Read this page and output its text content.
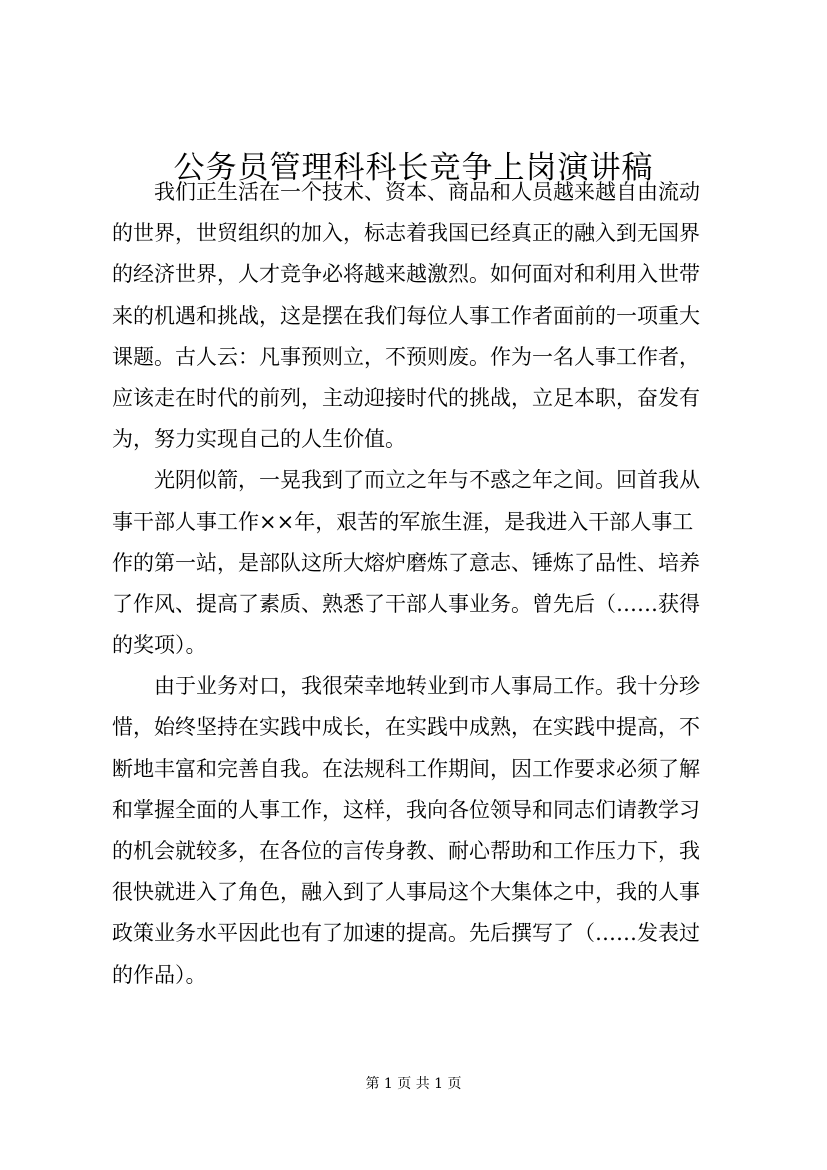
公务员管理科科长竞争上岗演讲稿
我们正生活在一个技术、资本、商品和人员越来越自由流动
的世界，世贸组织的加入，标志着我国已经真正的融入到无国界
的经济世界，人才竞争必将越来越激烈。如何面对和利用入世带
来的机遇和挑战，这是摆在我们每位人事工作者面前的一项重大
课题。古人云：凡事预则立，不预则废。作为一名人事工作者，
应该走在时代的前列，主动迎接时代的挑战，立足本职，奋发有
为，努力实现自己的人生价值。
光阴似箭，一晃我到了而立之年与不惑之年之间。回首我从
事干部人事工作××年，艰苦的军旅生涯，是我进入干部人事工
作的第一站，是部队这所大熔炉磨炼了意志、锤炼了品性、培养
了作风、提高了素质、熟悉了干部人事业务。曾先后（……获得
的奖项）。
由于业务对口，我很荣幸地转业到市人事局工作。我十分珍
惜，始终坚持在实践中成长，在实践中成熟，在实践中提高，不
断地丰富和完善自我。在法规科工作期间，因工作要求必须了解
和掌握全面的人事工作，这样，我向各位领导和同志们请教学习
的机会就较多，在各位的言传身教、耐心帮助和工作压力下，我
很快就进入了角色，融入到了人事局这个大集体之中，我的人事
政策业务水平因此也有了加速的提高。先后撰写了（……发表过
的作品）。
第 1 页 共 1 页
